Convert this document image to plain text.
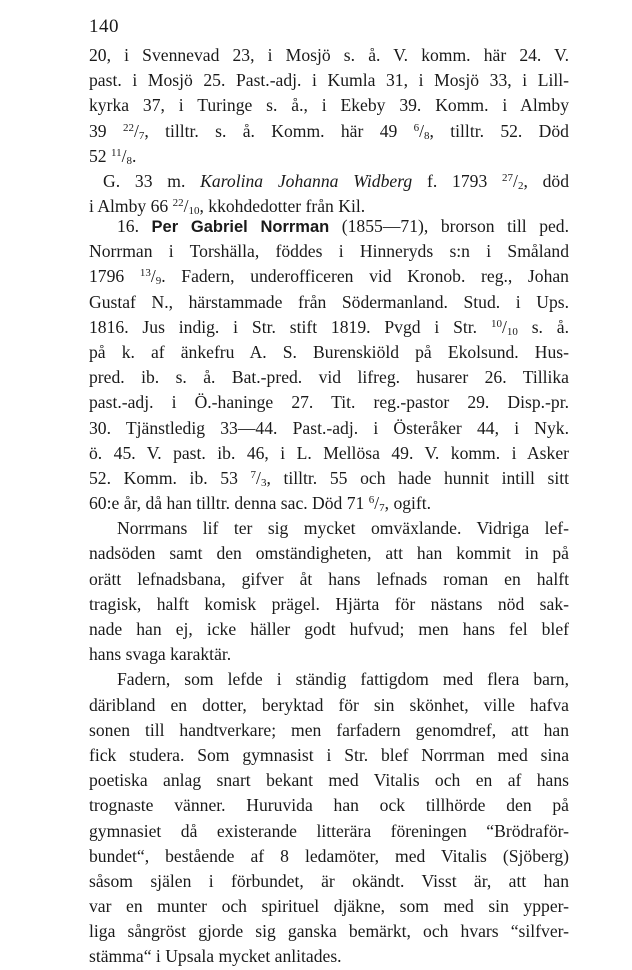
140
20, i Svennevad 23, i Mosjö s. å. V. komm. här 24. V.
past. i Mosjö 25. Past.-adj. i Kumla 31, i Mosjö 33, i Lill-
kyrka 37, i Turinge s. å., i Ekeby 39. Komm. i Almby
39 $^{22}/_7$, tilltr. s. å. Komm. här 49 $^6/_8$, tilltr. 52. Död
52 $^{11}/_8$.
G. 33 m. Karolina Johanna Widberg f. 1793 $^{27}/_2$, död
i Almby 66 $^{22}/_{10}$, kkohdedotter från Kil.
16. Per Gabriel Norrman (1855—71), brorson till ped.
Norrman i Torshälla, föddes i Hinneryds s:n i Småland
1796 $^{13}/_9$. Fadern, underofficeren vid Kronob. reg., Johan
Gustaf N., härstammade från Södermanland. Stud. i Ups.
1816. Jus indig. i Str. stift 1819. Pvgd i Str. $^{10}/_{10}$ s. å.
på k. af änkefru A. S. Burenskiöld på Ekolsund. Hus-
pred. ib. s. å. Bat.-pred. vid lifreg. husarer 26. Tillika
past.-adj. i Ö.-haninge 27. Tit. reg.-pastor 29. Disp.-pr.
30. Tjänstledig 33—44. Past.-adj. i Österåker 44, i Nyk.
ö. 45. V. past. ib. 46, i L. Mellösa 49. V. komm. i Asker
52. Komm. ib. 53 $^7/_3$, tilltr. 55 och hade hunnit intill sitt
60:e år, då han tilltr. denna sac. Död 71 $^6/_7$, ogift.
Norrmans lif ter sig mycket omväxlande. Vidriga lef-
nadsöden samt den omständigheten, att han kommit in på
orätt lefnadsbana, gifver åt hans lefnads roman en halft
tragisk, halft komisk prägel. Hjärta för nästans nöd sak-
nade han ej, icke häller godt hufvud; men hans fel blef
hans svaga karaktär.
Fadern, som lefde i ständig fattigdom med flera barn,
däribland en dotter, beryktad för sin skönhet, ville hafva
sonen till handtverkare; men farfadern genomdref, att han
fick studera. Som gymnasist i Str. blef Norrman med sina
poetiska anlag snart bekant med Vitalis och en af hans
trognaste vänner. Huruvida han ock tillhörde den på
gymnasiet då existerande litterära föreningen “Brödraför-
bundet“, bestående af 8 ledamöter, med Vitalis (Sjöberg)
såsom själen i förbundet, är okändt. Visst är, att han
var en munter och spirituel djäkne, som med sin ypper-
liga sångröst gjorde sig ganska bemärkt, och hvars “silfver-
stämma“ i Upsala mycket anlitades.
